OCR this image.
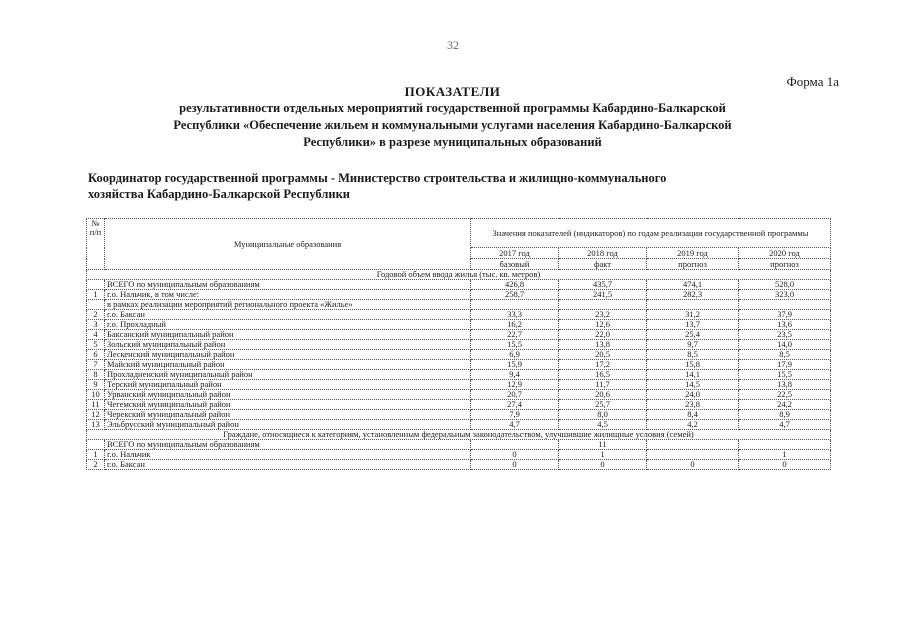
32
Форма 1а
ПОКАЗАТЕЛИ
результативности отдельных мероприятий государственной программы Кабардино-Балкарской
Республики «Обеспечение жильем и коммунальными услугами населения Кабардино-Балкарской
Республики» в разрезе муниципальных образований
Координатор государственной программы - Министерство строительства и жилищно-коммунального
хозяйства Кабардино-Балкарской Республики
№ п/п	Муниципальные образования	Значения показателей (индикаторов) по годам реализации государственной программы			
		2017 год	2018 год	2019 год	2020 год
		базовый	факт	прогноз	прогноз
Годовой объем ввода жилья (тыс. кв. метров)					
	ВСЕГО по муниципальным образованиям	426,8	435,7	474,1	528,0
1	г.о. Нальчик, в том числе:	258,7	241,5	282,3	323,0
	в рамках реализации мероприятий регионального проекта «Жилье»				
2	г.о. Баксан	33,3	23,2	31,2	37,9
3	г.о. Прохладный	16,2	12,6	13,7	13,6
4	Баксанский муниципальный район	22,7	22,0	25,4	23,5
5	Зольский муниципальный район	15,5	13,8	9,7	14,0
6	Лескенский муниципальный район	6,9	20,5	8,5	8,5
7	Майский муниципальный район	15,9	17,2	15,8	17,9
8	Прохладненский муниципальный район	9,4	16,5	14,1	15,5
9	Терский муниципальный район	12,9	11,7	14,5	13,8
10	Урванский муниципальный район	20,7	20,6	24,0	22,5
11	Чегемский муниципальный район	27,4	25,7	23,8	24,2
12	Черекский муниципальный район	7,9	8,0	8,4	8,9
13	Эльбрусский муниципальный район	4,7	4,5	4,2	4,7
Граждане, относящиеся к категориям, установленным федеральным законодательством, улучшившие жилищные условия (семей)					
	ВСЕГО по муниципальным образованиям		11		
1	г.о. Нальчик	0	1		1
2	г.о. Баксан	0	0	0	0
